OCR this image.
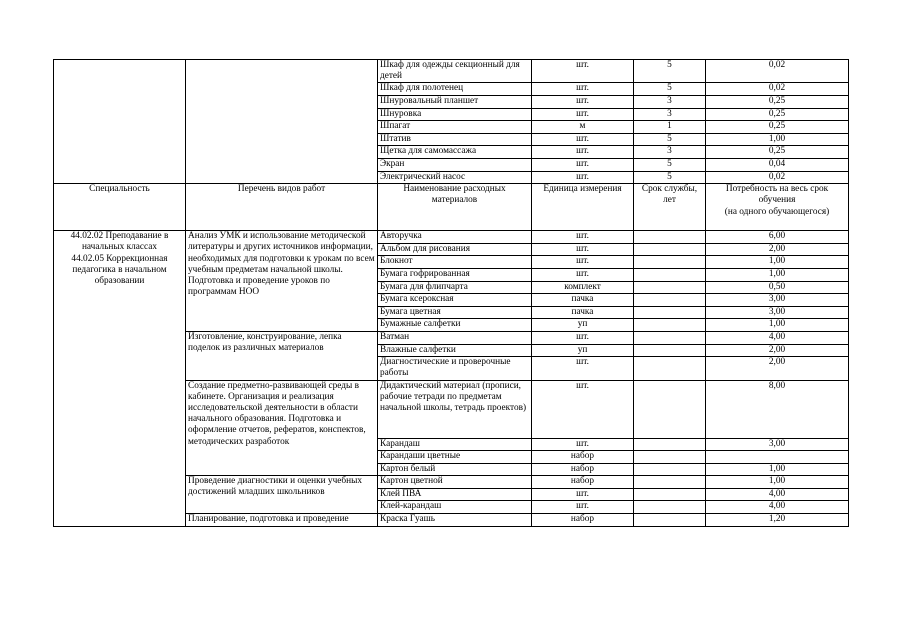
		Шкаф для одежды секционный для детей	шт.	5	0,02
		Шкаф для полотенец	шт.	5	0,02
		Шнуровальный планшет	шт.	3	0,25
		Шнуровка	шт.	3	0,25
		Шпагат	м	1	0,25
		Штатив	шт.	5	1,00
		Щетка для самомассажа	шт.	3	0,25
		Экран	шт.	5	0,04
		Электрический насос	шт.	5	0,02
Специальность	Перечень видов работ	Наименование расходных материалов	Единица измерения	Срок службы, лет	Потребность на весь срок обучения
(на одного обучающегося)

44.02.02 Преподавание в начальных классах
44.02.05 Коррекционная педагогика в начальном образовании	Анализ УМК и использование методической литературы и других источников информации, необходимых для подготовки к урокам по всем учебным предметам начальной школы. Подготовка и проведение уроков по программам НОО	Авторучка	шт.		6,00
		Альбом для рисования	шт.		2,00
		Блокнот	шт.		1,00
		Бумага гофрированная	шт.		1,00
		Бумага для флипчарта	комплект		0,50
		Бумага ксероксная	пачка		3,00
		Бумага цветная	пачка		3,00
		Бумажные салфетки	уп		1,00
	Изготовление, конструирование, лепка поделок из различных материалов	Ватман	шт.		4,00
		Влажные салфетки	уп		2,00
		Диагностические и проверочные работы	шт.		2,00
	Создание предметно-развивающей среды в кабинете. Организация и реализация исследовательской деятельности в области начального образования. Подготовка и оформление отчетов, рефератов, конспектов, методических разработок	Дидактический материал (прописи, рабочие тетради по предметам начальной школы, тетрадь проектов)	шт.		8,00
		Карандаш	шт.		3,00
		Карандаши цветные	набор		
		Картон белый	набор		1,00
	Проведение диагностики и оценки учебных достижений младших школьников	Картон цветной	набор		1,00
		Клей ПВА	шт.		4,00
		Клей-карандаш	шт.		4,00
	Планирование, подготовка и проведение	Краска Гуашь	набор		1,20
